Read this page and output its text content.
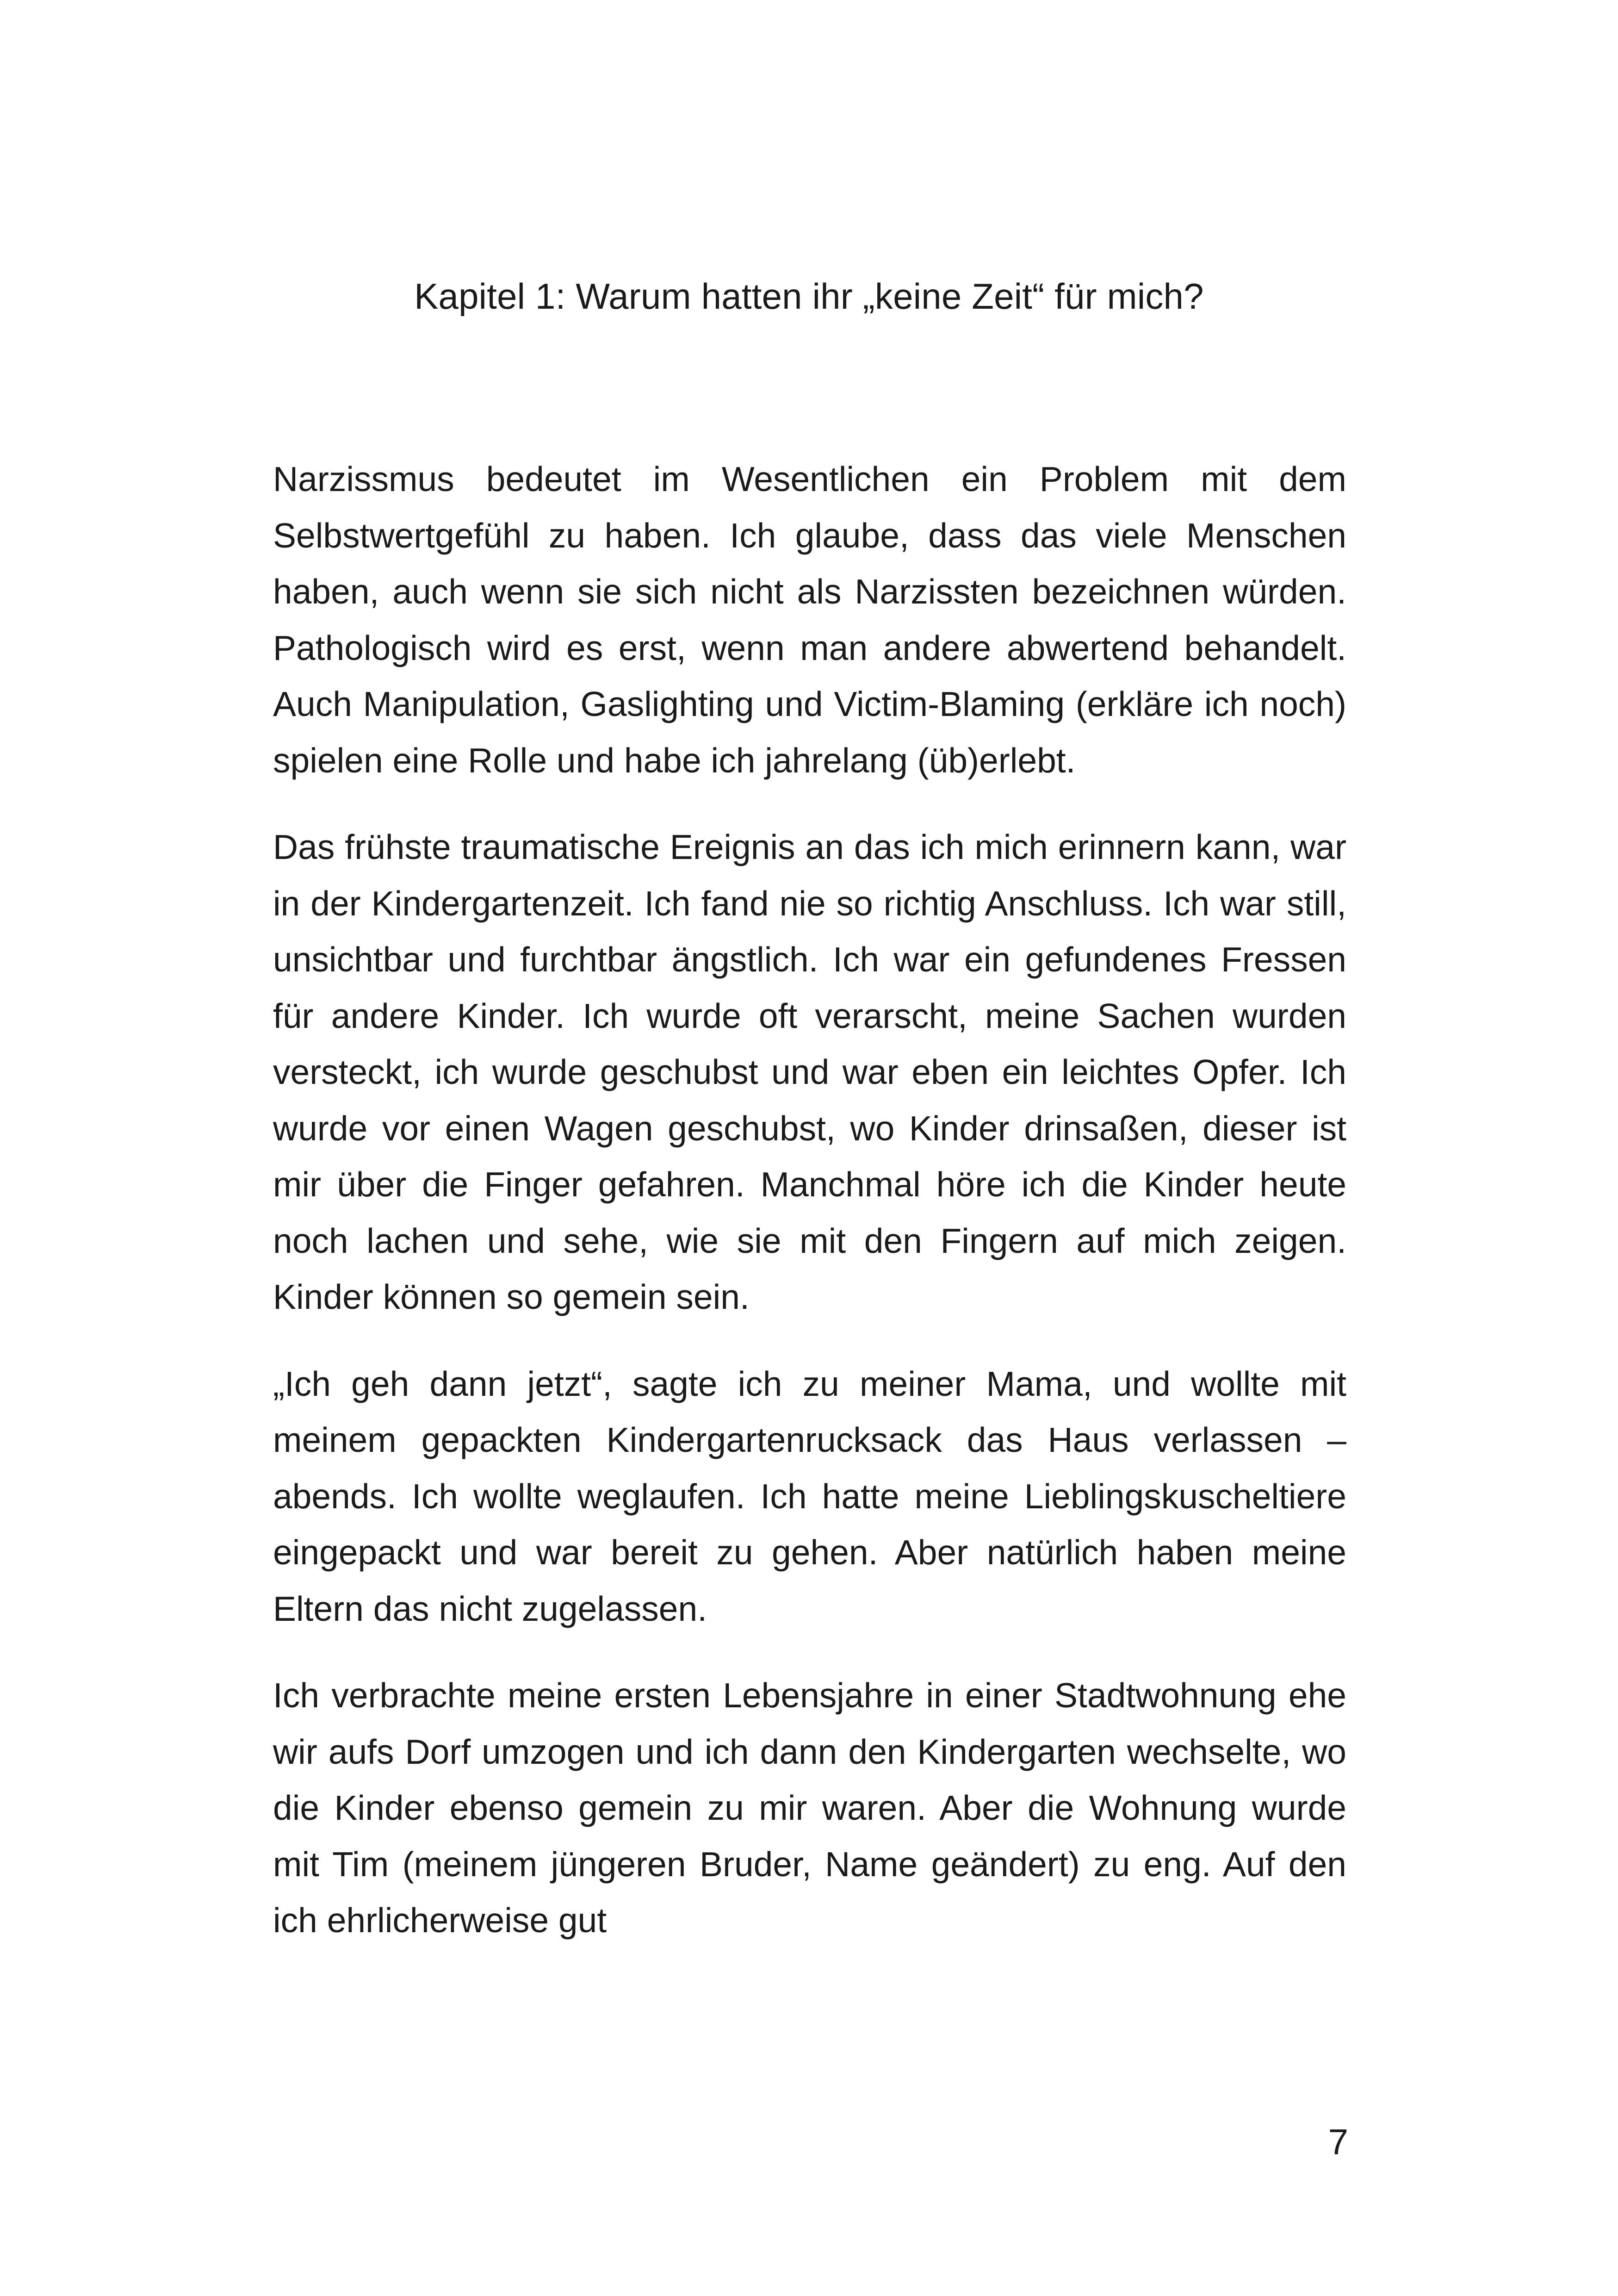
Kapitel 1: Warum hatten ihr „keine Zeit“ für mich?

Narzissmus bedeutet im Wesentlichen ein Problem mit dem Selbstwertgefühl zu haben. Ich glaube, dass das viele Menschen haben, auch wenn sie sich nicht als Narzissten bezeichnen würden. Pathologisch wird es erst, wenn man andere abwertend behandelt. Auch Manipulation, Gaslighting und Victim-Blaming (erkläre ich noch) spielen eine Rolle und habe ich jahrelang (üb)erlebt.

Das frühste traumatische Ereignis an das ich mich erinnern kann, war in der Kindergartenzeit. Ich fand nie so richtig Anschluss. Ich war still, unsichtbar und furchtbar ängstlich. Ich war ein gefundenes Fressen für andere Kinder. Ich wurde oft verarscht, meine Sachen wurden versteckt, ich wurde geschubst und war eben ein leichtes Opfer. Ich wurde vor einen Wagen geschubst, wo Kinder drinsaßen, dieser ist mir über die Finger gefahren. Manchmal höre ich die Kinder heute noch lachen und sehe, wie sie mit den Fingern auf mich zeigen. Kinder können so gemein sein.

„Ich geh dann jetzt“, sagte ich zu meiner Mama, und wollte mit meinem gepackten Kindergartenrucksack das Haus verlassen – abends. Ich wollte weglaufen. Ich hatte meine Lieblingskuscheltiere eingepackt und war bereit zu gehen. Aber natürlich haben meine Eltern das nicht zugelassen.

Ich verbrachte meine ersten Lebensjahre in einer Stadtwohnung ehe wir aufs Dorf umzogen und ich dann den Kindergarten wechselte, wo die Kinder ebenso gemein zu mir waren. Aber die Wohnung wurde mit Tim (meinem jüngeren Bruder, Name geändert) zu eng. Auf den ich ehrlicherweise gut

7
